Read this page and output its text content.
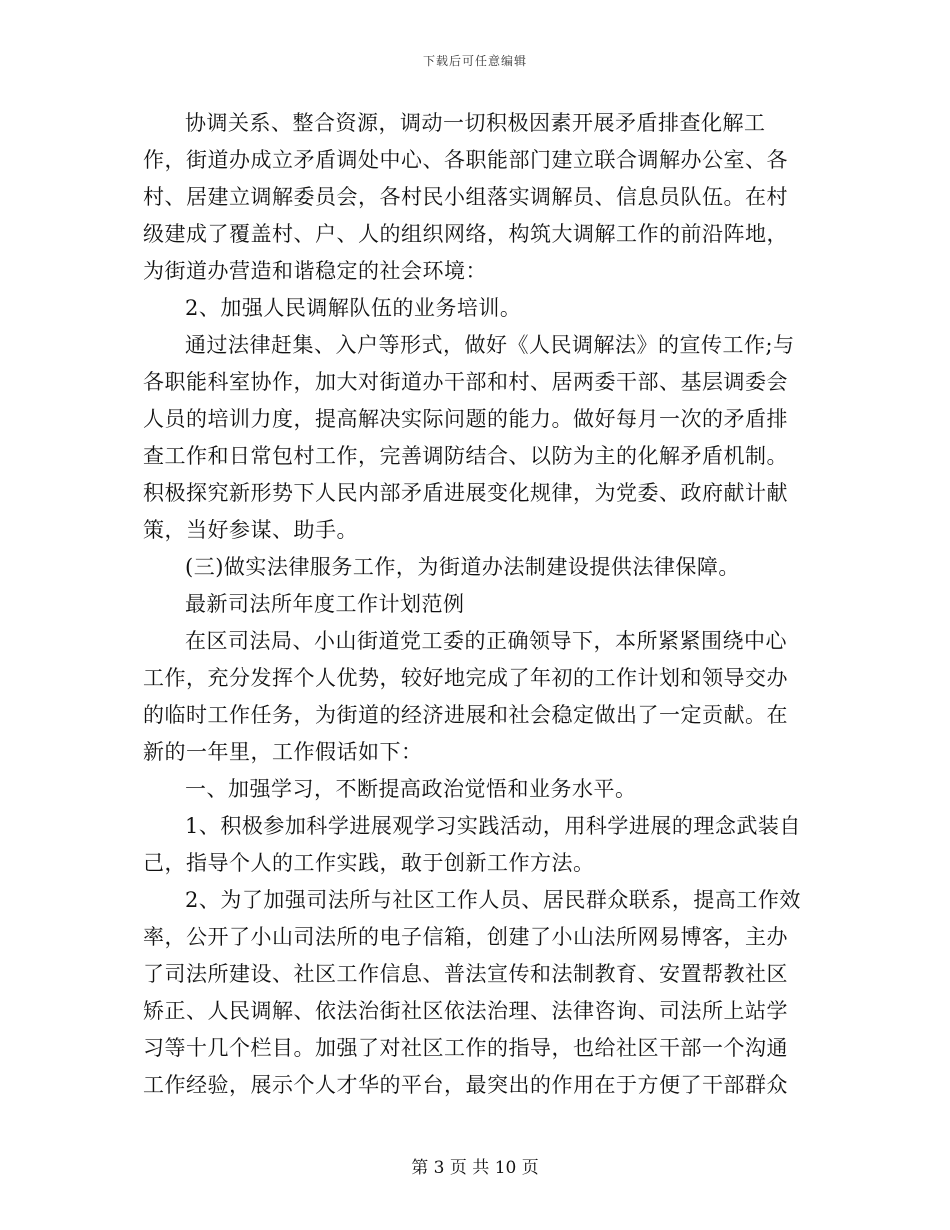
下载后可任意编辑

协调关系、整合资源，调动一切积极因素开展矛盾排查化解工作，街道办成立矛盾调处中心、各职能部门建立联合调解办公室、各村、居建立调解委员会，各村民小组落实调解员、信息员队伍。在村级建成了覆盖村、户、人的组织网络，构筑大调解工作的前沿阵地，为街道办营造和谐稳定的社会环境：

2、加强人民调解队伍的业务培训。

通过法律赶集、入户等形式，做好《人民调解法》的宣传工作;与各职能科室协作，加大对街道办干部和村、居两委干部、基层调委会人员的培训力度，提高解决实际问题的能力。做好每月一次的矛盾排查工作和日常包村工作，完善调防结合、以防为主的化解矛盾机制。积极探究新形势下人民内部矛盾进展变化规律，为党委、政府献计献策，当好参谋、助手。

(三)做实法律服务工作，为街道办法制建设提供法律保障。

最新司法所年度工作计划范例

在区司法局、小山街道党工委的正确领导下，本所紧紧围绕中心工作，充分发挥个人优势，较好地完成了年初的工作计划和领导交办的临时工作任务，为街道的经济进展和社会稳定做出了一定贡献。在新的一年里，工作假话如下：

一、加强学习，不断提高政治觉悟和业务水平。

1、积极参加科学进展观学习实践活动，用科学进展的理念武装自己，指导个人的工作实践，敢于创新工作方法。

2、为了加强司法所与社区工作人员、居民群众联系，提高工作效率，公开了小山司法所的电子信箱，创建了小山法所网易博客，主办了司法所建设、社区工作信息、普法宣传和法制教育、安置帮教社区矫正、人民调解、依法治街社区依法治理、法律咨询、司法所上站学习等十几个栏目。加强了对社区工作的指导，也给社区干部一个沟通工作经验，展示个人才华的平台，最突出的作用在于方便了干部群众

第 3 页 共 10 页
